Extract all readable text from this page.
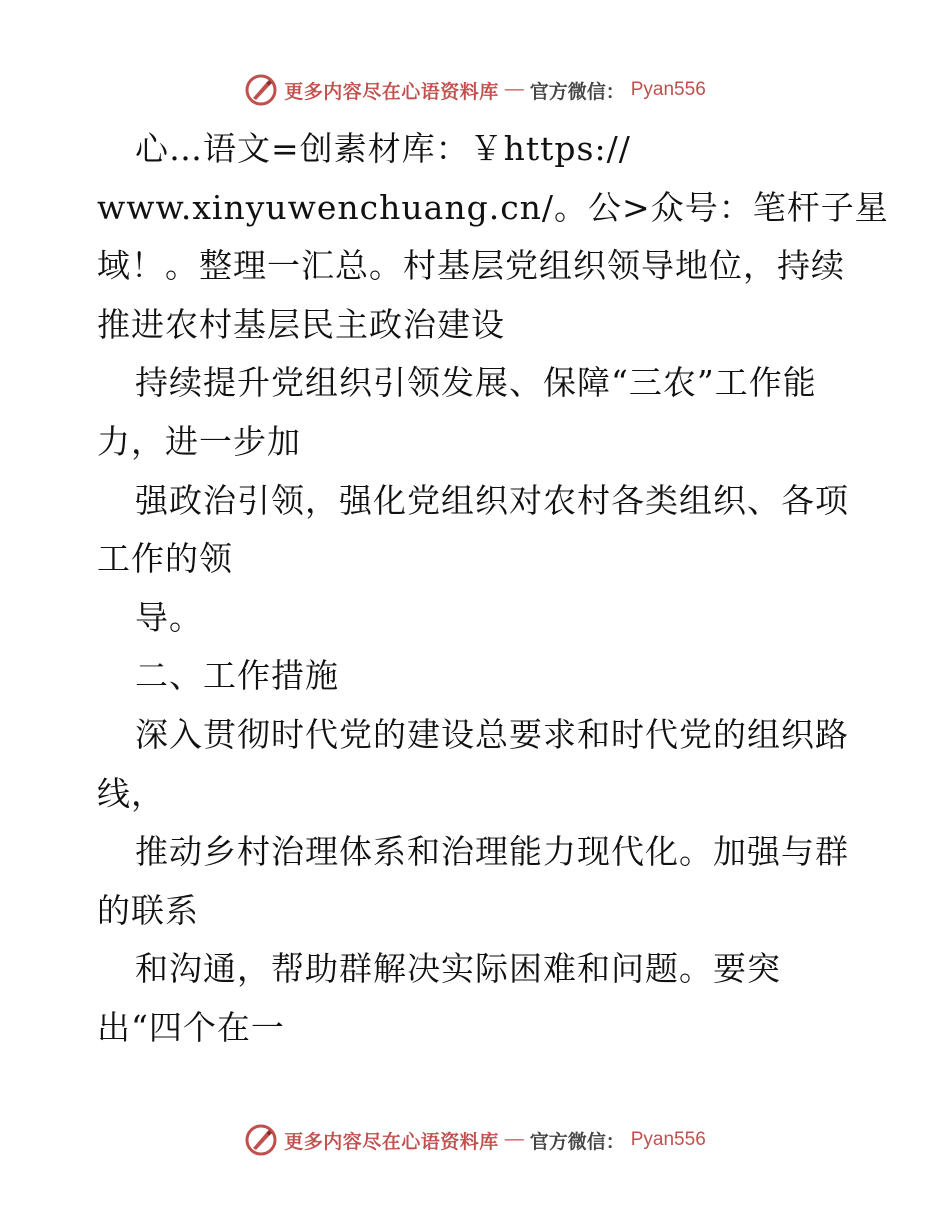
更多内容尽在心语资料库 — 官方微信： Pyan556
心…语文=创素材库：￥https://
www.xinyuwenchuang.cn/。公>众号：笔杆子星
域！。整理一汇总。村基层党组织领导地位，持续
推进农村基层民主政治建设
持续提升党组织引领发展、保障“三农”工作能
力，进一步加
强政治引领，强化党组织对农村各类组织、各项
工作的领
导。
二、工作措施
深入贯彻时代党的建设总要求和时代党的组织路
线，
推动乡村治理体系和治理能力现代化。加强与群
的联系
和沟通，帮助群解决实际困难和问题。要突
出“四个在一
更多内容尽在心语资料库 — 官方微信： Pyan556
